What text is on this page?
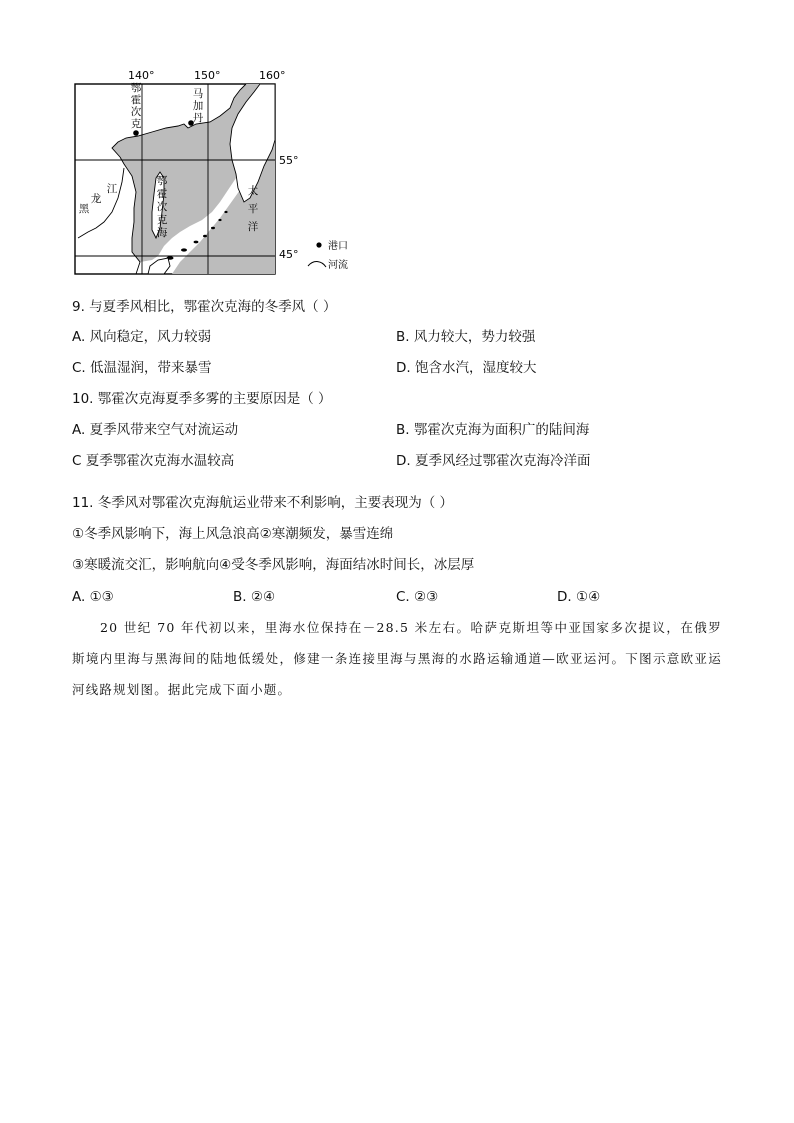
140°	150°	160°
55°
45°
鄂
霍
次
克
马
加
丹
鄂
霍
次
克
海
太
平
洋
黑
龙
江
港口
河流
9. 与夏季风相比，鄂霍次克海的冬季风（ ）
A. 风向稳定，风力较弱	B. 风力较大，势力较强
C. 低温湿润，带来暴雪	D. 饱含水汽，湿度较大
10. 鄂霍次克海夏季多雾的主要原因是（ ）
A. 夏季风带来空气对流运动	B. 鄂霍次克海为面积广的陆间海
C 夏季鄂霍次克海水温较高	D. 夏季风经过鄂霍次克海冷洋面
11. 冬季风对鄂霍次克海航运业带来不利影响，主要表现为（ ）
①冬季风影响下，海上风急浪高②寒潮频发，暴雪连绵
③寒暖流交汇，影响航向④受冬季风影响，海面结冰时间长，冰层厚
A. ①③	B. ②④	C. ②③	D. ①④
20 世纪 70 年代初以来，里海水位保持在－28.5 米左右。哈萨克斯坦等中亚国家多次提议，在俄罗斯境内里海与黑海间的陆地低缓处，修建一条连接里海与黑海的水路运输通道—欧亚运河。下图示意欧亚运河线路规划图。据此完成下面小题。
